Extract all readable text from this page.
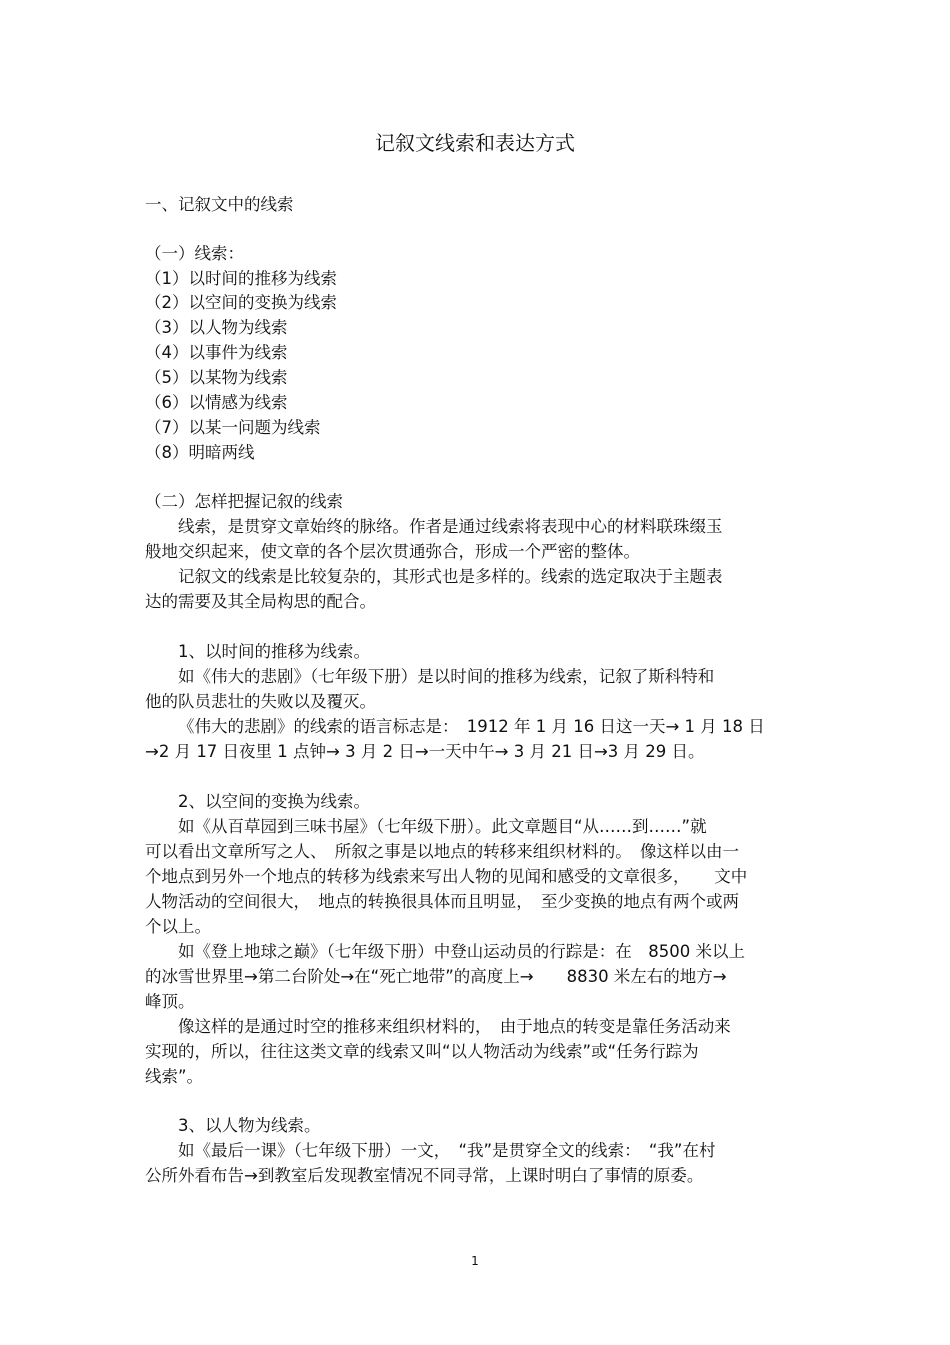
记叙文线索和表达方式
一、记叙文中的线索
（一）线索：
（1）以时间的推移为线索
（2）以空间的变换为线索
（3）以人物为线索
（4）以事件为线索
（5）以某物为线索
（6）以情感为线索
（7）以某一问题为线索
（8）明暗两线
（二）怎样把握记叙的线索
线索，是贯穿文章始终的脉络。作者是通过线索将表现中心的材料联珠缀玉
般地交织起来，使文章的各个层次贯通弥合，形成一个严密的整体。
记叙文的线索是比较复杂的，其形式也是多样的。线索的选定取决于主题表
达的需要及其全局构思的配合。
1、以时间的推移为线索。
如《伟大的悲剧》（七年级下册）是以时间的推移为线索，记叙了斯科特和
他的队员悲壮的失败以及覆灭。
《伟大的悲剧》的线索的语言标志是：　1912 年 1 月 16 日这一天→ 1 月 18 日
→2 月 17 日夜里 1 点钟→ 3 月 2 日→一天中午→ 3 月 21 日→3 月 29 日。
2、以空间的变换为线索。
如《从百草园到三味书屋》（七年级下册）。此文章题目“从……到……”就
可以看出文章所写之人、　所叙之事是以地点的转移来组织材料的。　像这样以由一
个地点到另外一个地点的转移为线索来写出人物的见闻和感受的文章很多，　　文中
人物活动的空间很大，　地点的转换很具体而且明显，　至少变换的地点有两个或两
个以上。
如《登上地球之巅》（七年级下册）中登山运动员的行踪是：在　8500 米以上
的冰雪世界里→第二台阶处→在“死亡地带”的高度上→　　8830 米左右的地方→
峰顶。
像这样的是通过时空的推移来组织材料的，　由于地点的转变是靠任务活动来
实现的，所以，往往这类文章的线索又叫“以人物活动为线索”或“任务行踪为
线索”。
3、以人物为线索。
如《最后一课》（七年级下册）一文，　“我”是贯穿全文的线索：　“我”在村
公所外看布告→到教室后发现教室情况不同寻常，上课时明白了事情的原委。
1
